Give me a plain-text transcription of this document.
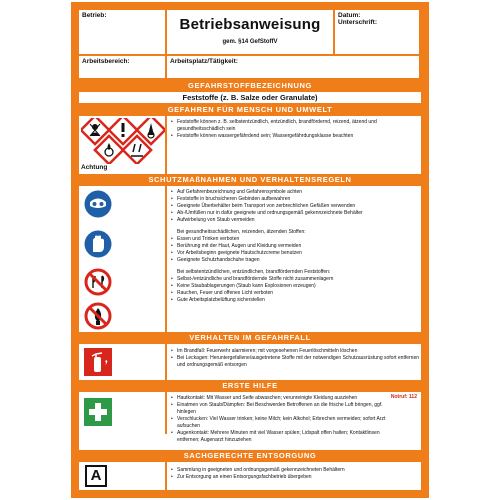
Betrieb:
Betriebsanweisung
gem. §14 GefStoffV
Datum:
Unterschrift:
Arbeitsbereich:	Arbeitsplatz/Tätigkeit:
GEFAHRSTOFFBEZEICHNUNG
Feststoffe (z. B. Salze oder Granulate)
GEFAHREN FÜR MENSCH UND UMWELT
Achtung
• Feststoffe können z. B. selbstentzündlich, entzündlich, brandfördernd, reizend, ätzend und gesundheitsschädlich sein
• Feststoffe können wassergefährdend sein; Wassergefährdungsklasse beachten
SCHUTZMAßNAHMEN UND VERHALTENSREGELN
• Auf Gefahrenbezeichnung und Gefahrensymbole achten
• Feststoffe in bruchsicheren Gebinden aufbewahren
• Geeignete Überbehälter beim Transport von zerbrechlichen Gefäßen verwenden
• Ab-/Umfüllen nur in dafür geeignete und ordnungsgemäß gekennzeichnete Behälter
• Aufwirbelung von Staub vermeiden
Bei gesundheitsschädlichen, reizenden, ätzenden Stoffen:
• Essen und Trinken verboten
• Berührung mit der Haut, Augen und Kleidung vermeiden
• Vor Arbeitsbeginn geeignete Hautschutzcreme benutzen
• Geeignete Schutzhandschuhe tragen
Bei selbstentzündlichen, entzündlichen, brandfördernden Feststoffen:
• Selbst-/entzündliche und brandfördernde Stoffe nicht zusammenlagern
• Keine Staubablagerungen (Staub kann Explosionen erzeugen)
• Rauchen, Feuer und offenes Licht verboten
• Gute Arbeitsplatzbelüftung sicherstellen
VERHALTEN IM GEFAHRFALL
• Im Brandfall: Feuerwehr alarmieren; mit vorgesehenen Feuerlöschmitteln löschen
• Bei Leckagen: Heruntergefallene/ausgetretene Stoffe mit der notwendigen Schutzausrüstung sofort entfernen und ordnungsgemäß entsorgen
ERSTE HILFE
• Hautkontakt: Mit Wasser und Seife abwaschen; verunreinigte Kleidung ausziehen
• Einatmen von Staub/Dämpfen: Bei Beschwerden Betroffenen an die frische Luft bringen, ggf. hinlegen
• Verschlucken: Viel Wasser trinken; keine Milch; kein Alkohol; Erbrechen vermeiden; sofort Arzt aufsuchen
• Augenkontakt: Mehrere Minuten mit viel Wasser spülen; Lidspalt offen halten; Kontaktlinsen entfernen; Augenarzt hinzuziehen
Notruf: 112
SACHGERECHTE ENTSORGUNG
A
•	Sammlung in geeigneten und ordnungsgemäß gekennzeichneten Behältern
• Zur Entsorgung an einen Entsorgungsfachbetrieb übergeben
